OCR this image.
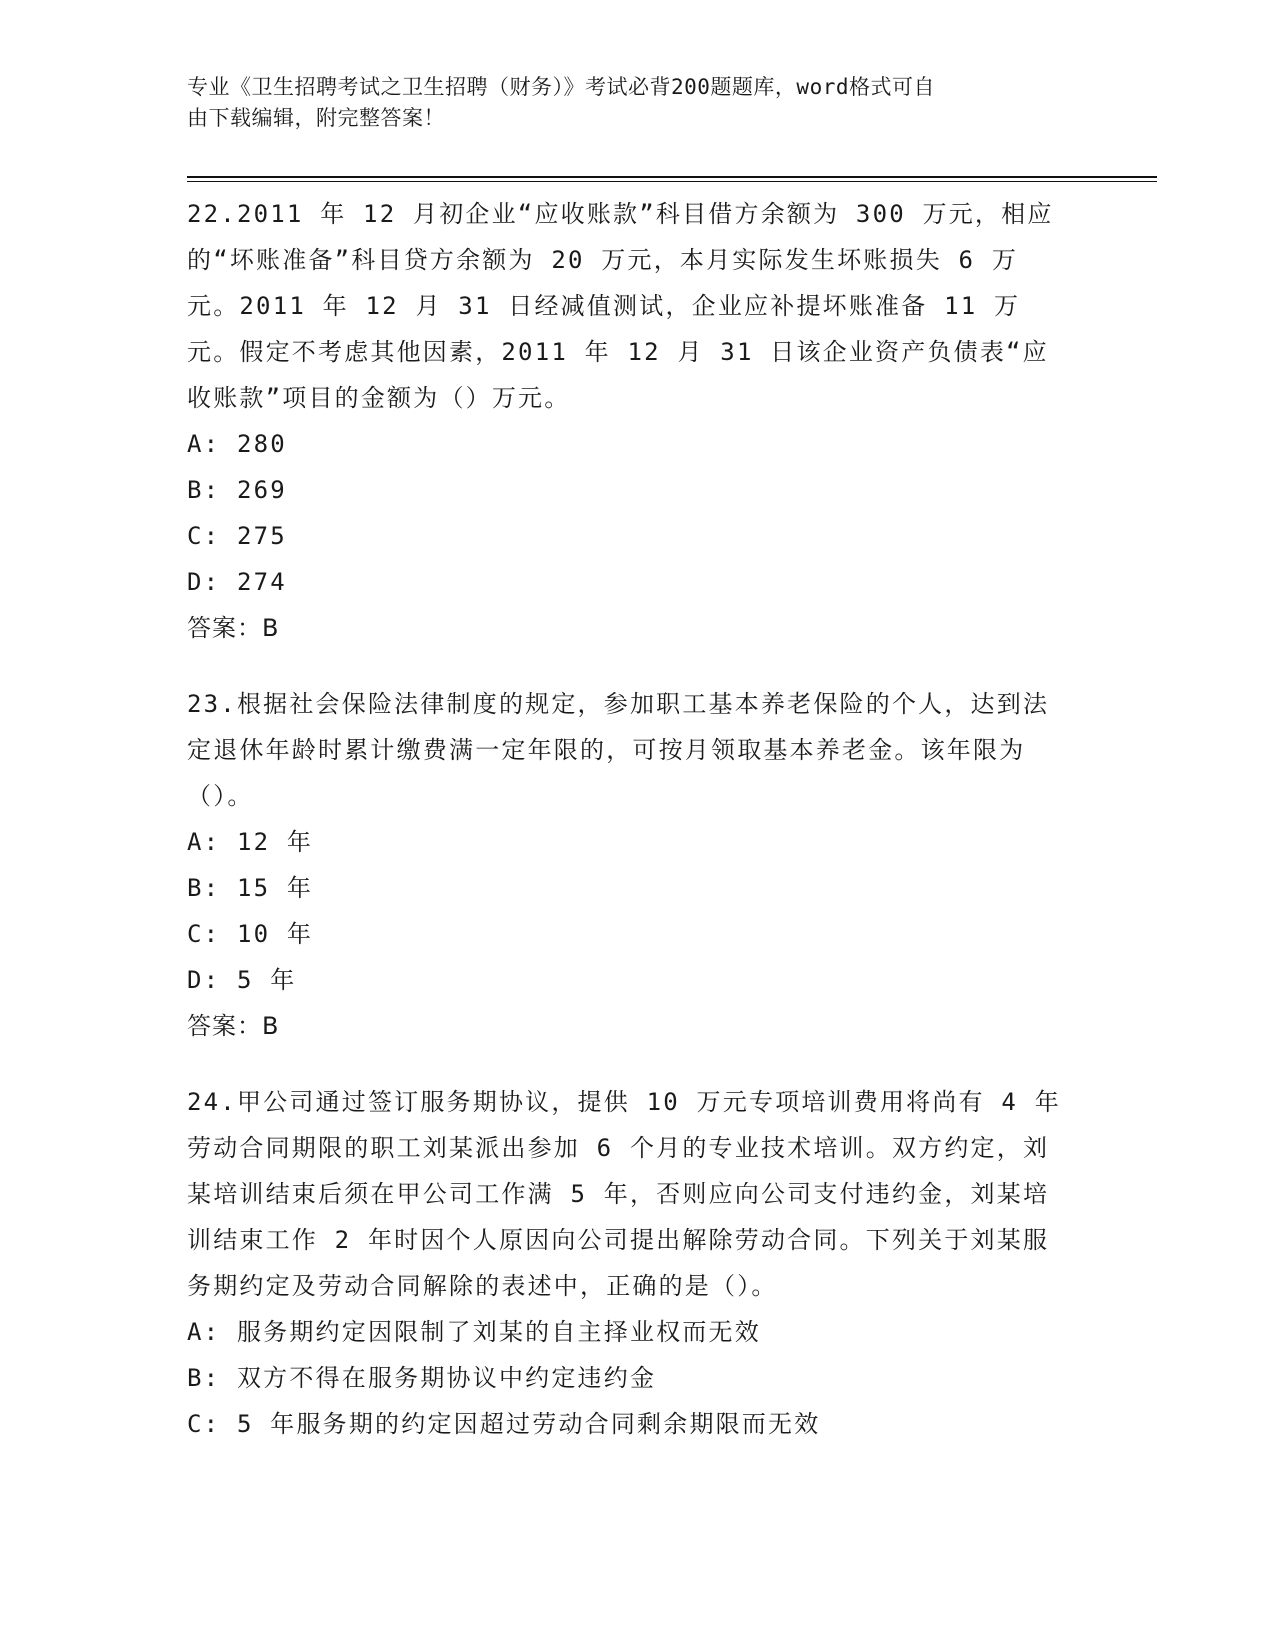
专业《卫生招聘考试之卫生招聘（财务）》考试必背200题题库，word格式可自
由下载编辑，附完整答案！
22.2011 年 12 月初企业“应收账款”科目借方余额为 300 万元，相应的“坏账准备”科目贷方余额为 20 万元，本月实际发生坏账损失 6 万元。2011 年 12 月 31 日经减值测试，企业应补提坏账准备 11 万元。假定不考虑其他因素，2011 年 12 月 31 日该企业资产负债表“应收账款”项目的金额为（）万元。
A: 280
B: 269
C: 275
D: 274
答案：B
23.根据社会保险法律制度的规定，参加职工基本养老保险的个人，达到法定退休年龄时累计缴费满一定年限的，可按月领取基本养老金。该年限为（）。
A: 12 年
B: 15 年
C: 10 年
D: 5 年
答案：B
24.甲公司通过签订服务期协议，提供 10 万元专项培训费用将尚有 4 年劳动合同期限的职工刘某派出参加 6 个月的专业技术培训。双方约定，刘某培训结束后须在甲公司工作满 5 年，否则应向公司支付违约金，刘某培训结束工作 2 年时因个人原因向公司提出解除劳动合同。下列关于刘某服务期约定及劳动合同解除的表述中，正确的是（）。
A: 服务期约定因限制了刘某的自主择业权而无效
B: 双方不得在服务期协议中约定违约金
C: 5 年服务期的约定因超过劳动合同剩余期限而无效
